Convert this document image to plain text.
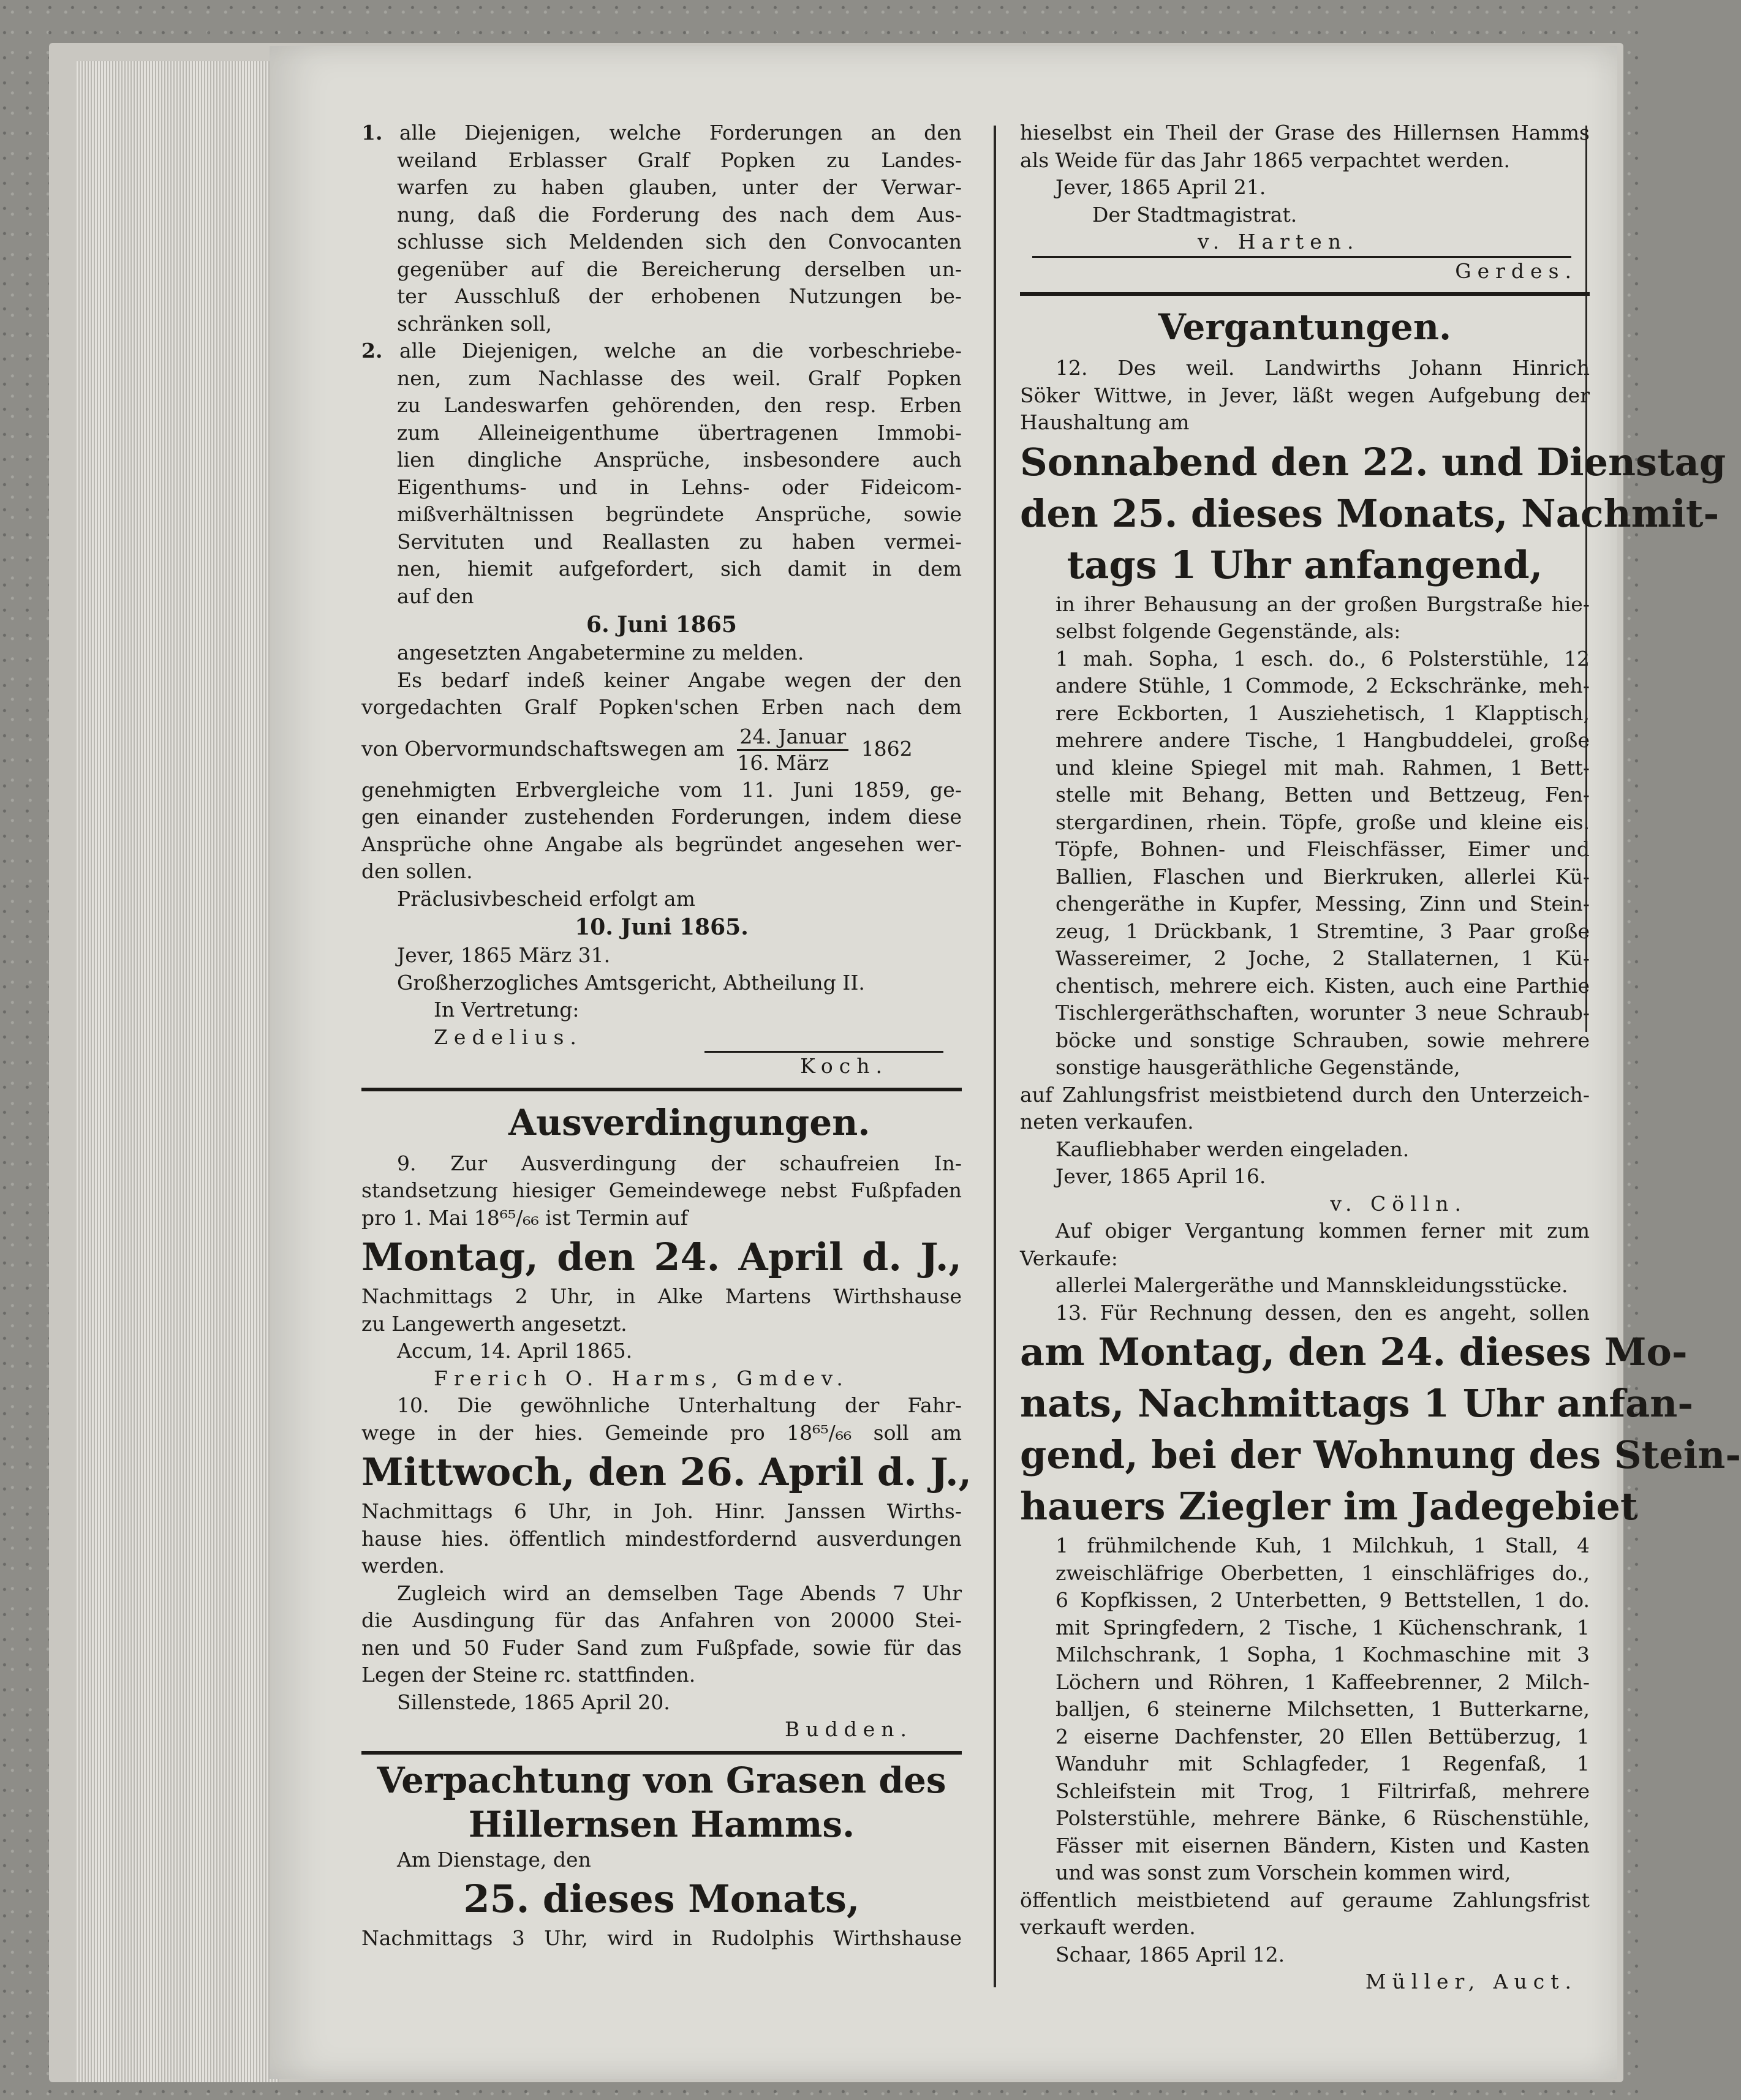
1. alle Diejenigen, welche Forderungen an den
weiland Erblasser Gralf Popken zu Landes-
warfen zu haben glauben, unter der Verwar-
nung, daß die Forderung des nach dem Aus-
schlusse sich Meldenden sich den Convocanten
gegenüber auf die Bereicherung derselben un-
ter Ausschluß der erhobenen Nutzungen be-
schränken soll,
2. alle Diejenigen, welche an die vorbeschriebe-
nen, zum Nachlasse des weil. Gralf Popken
zu Landeswarfen gehörenden, den resp. Erben
zum Alleineigenthume übertragenen Immobi-
lien dingliche Ansprüche, insbesondere auch
Eigenthums- und in Lehns- oder Fideicom-
mißverhältnissen begründete Ansprüche, sowie
Servituten und Reallasten zu haben vermei-
nen, hiemit aufgefordert, sich damit in dem
auf den
6. Juni 1865
angesetzten Angabetermine zu melden.
Es bedarf indeß keiner Angabe wegen der den
vorgedachten Gralf Popken'schen Erben nach dem
von Obervormundschaftswegen am $\frac{\text{24. Januar}}{\text{16. März}} 1862$
genehmigten Erbvergleiche vom 11. Juni 1859, ge-
gen einander zustehenden Forderungen, indem diese
Ansprüche ohne Angabe als begründet angesehen wer-
den sollen.
Präclusivbescheid erfolgt am
10. Juni 1865.
Jever, 1865 März 31.
Großherzogliches Amtsgericht, Abtheilung II.
In Vertretung:
Zedelius.
Koch.
Ausverdingungen.
9. Zur Ausverdingung der schaufreien In-
standsetzung hiesiger Gemeindewege nebst Fußpfaden
pro 1. Mai 18⁶⁵/₆₆ ist Termin auf
Montag, den 24. April d. J.,
Nachmittags 2 Uhr, in Alke Martens Wirthshause
zu Langewerth angesetzt.
Accum, 14. April 1865.
Frerich O. Harms, Gmdev.
10. Die gewöhnliche Unterhaltung der Fahr-
wege in der hies. Gemeinde pro 18⁶⁵/₆₆ soll am
Mittwoch, den 26. April d. J.,
Nachmittags 6 Uhr, in Joh. Hinr. Janssen Wirths-
hause hies. öffentlich mindestfordernd ausverdungen
werden.
Zugleich wird an demselben Tage Abends 7 Uhr
die Ausdingung für das Anfahren von 20000 Stei-
nen und 50 Fuder Sand zum Fußpfade, sowie für das
Legen der Steine rc. stattfinden.
Sillenstede, 1865 April 20.
Budden.
Verpachtung von Grasen des
Hillernsen Hamms.
Am Dienstage, den
25. dieses Monats,
Nachmittags 3 Uhr, wird in Rudolphis Wirthshause
hieselbst ein Theil der Grase des Hillernsen Hamms
als Weide für das Jahr 1865 verpachtet werden.
Jever, 1865 April 21.
Der Stadtmagistrat.
v. Harten.
Gerdes.
Vergantungen.
12. Des weil. Landwirths Johann Hinrich
Söker Wittwe, in Jever, läßt wegen Aufgebung der
Haushaltung am
Sonnabend den 22. und Dienstag
den 25. dieses Monats, Nachmit-
tags 1 Uhr anfangend,
in ihrer Behausung an der großen Burgstraße hie-
selbst folgende Gegenstände, als:
1 mah. Sopha, 1 esch. do., 6 Polsterstühle, 12
andere Stühle, 1 Commode, 2 Eckschränke, meh-
rere Eckborten, 1 Ausziehetisch, 1 Klapptisch,
mehrere andere Tische, 1 Hangbuddelei, große
und kleine Spiegel mit mah. Rahmen, 1 Bett-
stelle mit Behang, Betten und Bettzeug, Fen-
stergardinen, rhein. Töpfe, große und kleine eis.
Töpfe, Bohnen- und Fleischfässer, Eimer und
Ballien, Flaschen und Bierkruken, allerlei Kü-
chengeräthe in Kupfer, Messing, Zinn und Stein-
zeug, 1 Drückbank, 1 Stremtine, 3 Paar große
Wassereimer, 2 Joche, 2 Stallaternen, 1 Kü-
chentisch, mehrere eich. Kisten, auch eine Parthie
Tischlergeräthschaften, worunter 3 neue Schraub-
böcke und sonstige Schrauben, sowie mehrere
sonstige hausgeräthliche Gegenstände,
auf Zahlungsfrist meistbietend durch den Unterzeich-
neten verkaufen.
Kaufliebhaber werden eingeladen.
Jever, 1865 April 16.
v. Cölln.
Auf obiger Vergantung kommen ferner mit zum
Verkaufe:
allerlei Malergeräthe und Mannskleidungsstücke.
13. Für Rechnung dessen, den es angeht, sollen
am Montag, den 24. dieses Mo-
nats, Nachmittags 1 Uhr anfan-
gend, bei der Wohnung des Stein-
hauers Ziegler im Jadegebiet
1 frühmilchende Kuh, 1 Milchkuh, 1 Stall, 4
zweischläfrige Oberbetten, 1 einschläfriges do.,
6 Kopfkissen, 2 Unterbetten, 9 Bettstellen, 1 do.
mit Springfedern, 2 Tische, 1 Küchenschrank, 1
Milchschrank, 1 Sopha, 1 Kochmaschine mit 3
Löchern und Röhren, 1 Kaffeebrenner, 2 Milch-
balljen, 6 steinerne Milchsetten, 1 Butterkarne,
2 eiserne Dachfenster, 20 Ellen Bettüberzug, 1
Wanduhr mit Schlagfeder, 1 Regenfaß, 1
Schleifstein mit Trog, 1 Filtrirfaß, mehrere
Polsterstühle, mehrere Bänke, 6 Rüschenstühle,
Fässer mit eisernen Bändern, Kisten und Kasten
und was sonst zum Vorschein kommen wird,
öffentlich meistbietend auf geraume Zahlungsfrist
verkauft werden.
Schaar, 1865 April 12.
Müller, Auct.
